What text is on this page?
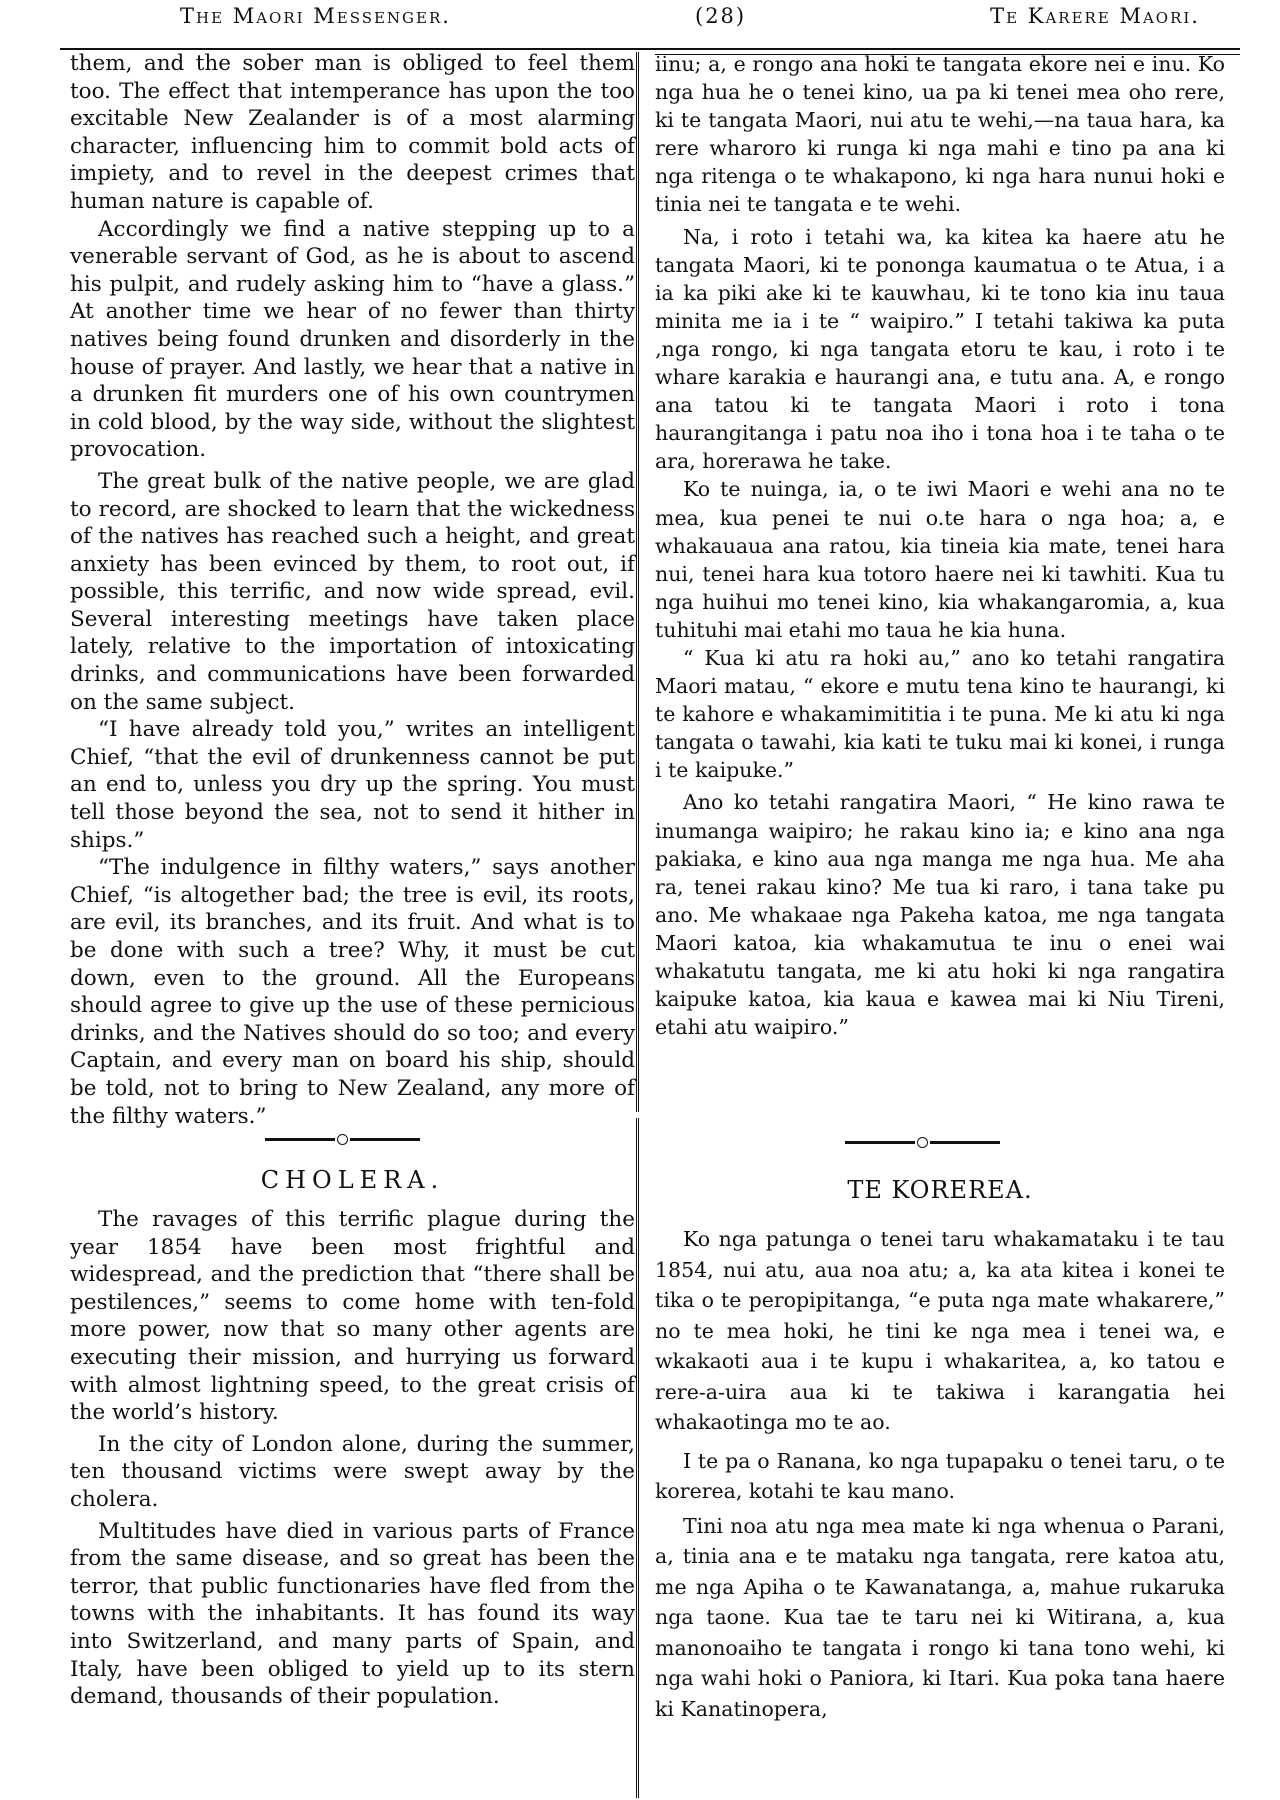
The Maori Messenger.	(28)	Te Karere Maori.

them, and the sober man is obliged to feel them too. The effect that intemperance has upon the too excitable New Zealander is of a most alarming character, influencing him to commit bold acts of impiety, and to revel in the deepest crimes that human nature is capable of.

Accordingly we find a native stepping up to a venerable servant of God, as he is about to ascend his pulpit, and rudely asking him to “have a glass.” At another time we hear of no fewer than thirty natives being found drunken and disorderly in the house of prayer. And lastly, we hear that a native in a drunken fit murders one of his own countrymen in cold blood, by the way side, without the slightest provocation.

The great bulk of the native people, we are glad to record, are shocked to learn that the wickedness of the natives has reached such a height, and great anxiety has been evinced by them, to root out, if possible, this terrific, and now wide spread, evil. Several interesting meetings have taken place lately, relative to the importation of intoxicating drinks, and communications have been forwarded on the same subject.

“I have already told you,” writes an intelligent Chief, “that the evil of drunkenness cannot be put an end to, unless you dry up the spring. You must tell those beyond the sea, not to send it hither in ships.”

“The indulgence in filthy waters,” says another Chief, “is altogether bad; the tree is evil, its roots, are evil, its branches, and its fruit. And what is to be done with such a tree? Why, it must be cut down, even to the ground. All the Europeans should agree to give up the use of these pernicious drinks, and the Natives should do so too; and every Captain, and every man on board his ship, should be told, not to bring to New Zealand, any more of the filthy waters.”

iinu; a, e rongo ana hoki te tangata ekore nei e inu. Ko nga hua he o tenei kino, ua pa ki tenei mea oho rere, ki te tangata Maori, nui atu te wehi,—na taua hara, ka rere wharoro ki runga ki nga mahi e tino pa ana ki nga ritenga o te whakapono, ki nga hara nunui hoki e tinia nei te tangata e te wehi.

Na, i roto i tetahi wa, ka kitea ka haere atu he tangata Maori, ki te pononga kaumatua o te Atua, i a ia ka piki ake ki te kauwhau, ki te tono kia inu taua minita me ia i te “ waipiro.” I tetahi takiwa ka puta ‚nga rongo, ki nga tangata etoru te kau, i roto i te whare karakia e haurangi ana, e tutu ana. A, e rongo ana tatou ki te tangata Maori i roto i tona haurangitanga i patu noa iho i tona hoa i te taha o te ara, horerawa he take.

Ko te nuinga, ia, o te iwi Maori e wehi ana no te mea, kua penei te nui o.te hara o nga hoa; a, e whakauaua ana ratou, kia tineia kia mate, tenei hara nui, tenei hara kua totoro haere nei ki tawhiti. Kua tu nga huihui mo tenei kino, kia whakangaromia, a, kua tuhituhi mai etahi mo taua he kia huna.

“ Kua ki atu ra hoki au,” ano ko tetahi rangatira Maori matau, “ ekore e mutu tena kino te haurangi, ki te kahore e whakamimititia i te puna. Me ki atu ki nga tangata o tawahi, kia kati te tuku mai ki konei, i runga i te kaipuke.”

Ano ko tetahi rangatira Maori, “ He kino rawa te inumanga waipiro; he rakau kino ia; e kino ana nga pakiaka, e kino aua nga manga me nga hua. Me aha ra, tenei rakau kino? Me tua ki raro, i tana take pu ano. Me whakaae nga Pakeha katoa, me nga tangata Maori katoa, kia whakamutua te inu o enei wai whakatutu tangata, me ki atu hoki ki nga rangatira kaipuke katoa, kia kaua e kawea mai ki Niu Tireni, etahi atu waipiro.”

CHOLERA.	TE KOREREA.

The ravages of this terrific plague during the year 1854 have been most frightful and widespread, and the prediction that “there shall be pestilences,” seems to come home with ten-fold more power, now that so many other agents are executing their mission, and hurrying us forward with almost lightning speed, to the great crisis of the world’s history.

In the city of London alone, during the summer, ten thousand victims were swept away by the cholera.

Multitudes have died in various parts of France from the same disease, and so great has been the terror, that public functionaries have fled from the towns with the inhabitants. It has found its way into Switzerland, and many parts of Spain, and Italy, have been obliged to yield up to its stern demand, thousands of their population.

Ko nga patunga o tenei taru whakamataku i te tau 1854, nui atu, aua noa atu; a, ka ata kitea i konei te tika o te peropipitanga, “e puta nga mate whakarere,” no te mea hoki, he tini ke nga mea i tenei wa, e wkakaoti aua i te kupu i whakaritea, a, ko tatou e rere-a-uira aua ki te takiwa i karangatia hei whakaotinga mo te ao.

I te pa o Ranana, ko nga tupapaku o tenei taru, o te korerea, kotahi te kau mano.

Tini noa atu nga mea mate ki nga whenua o Parani, a, tinia ana e te mataku nga tangata, rere katoa atu, me nga Apiha o te Kawanatanga, a, mahue rukaruka nga taone. Kua tae te taru nei ki Witirana, a, kua manonoaiho te tangata i rongo ki tana tono wehi, ki nga wahi hoki o Paniora, ki Itari. Kua poka tana haere ki Kanatinopera,
